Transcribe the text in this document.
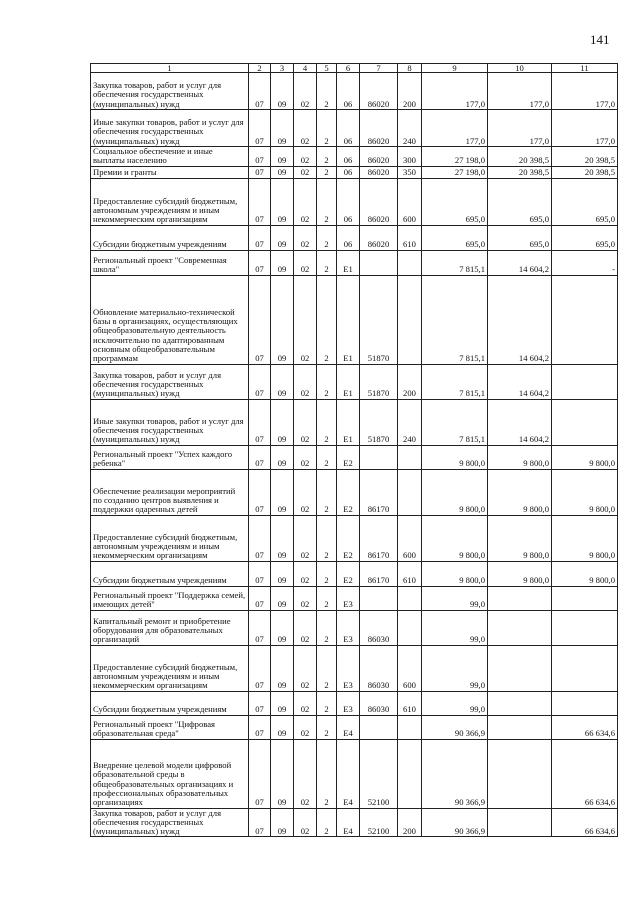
141
1	2	3	4	5	6	7	8	9	10	11
Закупка товаров, работ и услуг для обеспечения государственных (муниципальных) нужд	07	09	02	2	06	86020	200	177,0	177,0	177,0
Иные закупки товаров, работ и услуг для обеспечения государственных (муниципальных) нужд	07	09	02	2	06	86020	240	177,0	177,0	177,0
Социальное обеспечение и иные выплаты населению	07	09	02	2	06	86020	300	27 198,0	20 398,5	20 398,5
Премии и гранты	07	09	02	2	06	86020	350	27 198,0	20 398,5	20 398,5
Предоставление субсидий бюджетным, автономным учреждениям и иным некоммерческим организациям	07	09	02	2	06	86020	600	695,0	695,0	695,0
Субсидии бюджетным учреждениям	07	09	02	2	06	86020	610	695,0	695,0	695,0
Региональный проект "Современная школа"	07	09	02	2	E1			7 815,1	14 604,2	-
Обновление материально-технической базы в организациях, осуществляющих общеобразовательную деятельность исключительно по адаптированным основным общеобразовательным программам	07	09	02	2	E1	51870		7 815,1	14 604,2	
Закупка товаров, работ и услуг для обеспечения государственных (муниципальных) нужд	07	09	02	2	E1	51870	200	7 815,1	14 604,2	
Иные закупки товаров, работ и услуг для обеспечения государственных (муниципальных) нужд	07	09	02	2	E1	51870	240	7 815,1	14 604,2	
Региональный проект "Успех каждого ребенка"	07	09	02	2	E2			9 800,0	9 800,0	9 800,0
Обеспечение реализации мероприятий по созданию центров выявления и поддержки одаренных детей	07	09	02	2	E2	86170		9 800,0	9 800,0	9 800,0
Предоставление субсидий бюджетным, автономным учреждениям и иным некоммерческим организациям	07	09	02	2	E2	86170	600	9 800,0	9 800,0	9 800,0
Субсидии бюджетным учреждениям	07	09	02	2	E2	86170	610	9 800,0	9 800,0	9 800,0
Региональный проект "Поддержка семей, имеющих детей"	07	09	02	2	E3			99,0		
Капитальный ремонт и приобретение оборудования для образовательных организаций	07	09	02	2	E3	86030		99,0		
Предоставление субсидий бюджетным, автономным учреждениям и иным некоммерческим организациям	07	09	02	2	E3	86030	600	99,0		
Субсидии бюджетным учреждениям	07	09	02	2	E3	86030	610	99,0		
Региональный проект "Цифровая образовательная среда"	07	09	02	2	E4			90 366,9		66 634,6
Внедрение целевой модели цифровой образовательной среды в общеобразовательных организациях и профессиональных образовательных организациях	07	09	02	2	E4	52100		90 366,9		66 634,6
Закупка товаров, работ и услуг для обеспечения государственных (муниципальных) нужд	07	09	02	2	E4	52100	200	90 366,9		66 634,6
